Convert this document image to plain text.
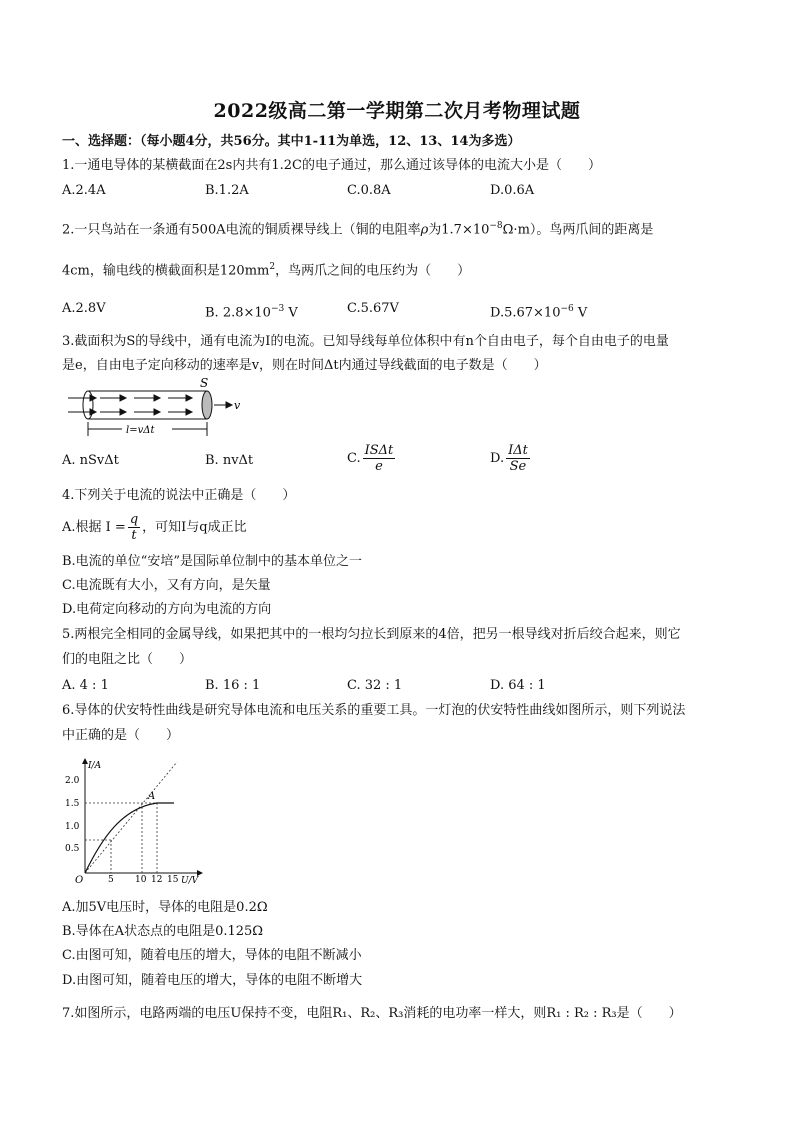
2022级高二第一学期第二次月考物理试题
一、选择题：（每小题4分，共56分。其中1-11为单选，12、13、14为多选）
1.一通电导体的某横截面在2s内共有1.2C的电子通过，那么通过该导体的电流大小是（　　）
A.2.4A	B.1.2A	C.0.8A	D.0.6A
2.一只鸟站在一条通有500A电流的铜质裸导线上（铜的电阻率ρ为$1.7\times 10^{-8}\Omega\cdot m$）。鸟两爪间的距离是
4cm，输电线的横截面积是$120mm^2$，鸟两爪之间的电压约为（　　）
A.2.8V	B. $2.8\times 10^{-3}$ V	C.5.67V	$D.5.67\times 10^{-6}$ V
3.截面积为S的导线中，通有电流为I的电流。已知导线每单位体积中有n个自由电子，每个自由电子的电量
是e，自由电子定向移动的速率是v，则在时间Δt内通过导线截面的电子数是（　　）
S
v
l=vΔt
A. nSvΔt	B. nvΔt	C. $\frac{\text{ISΔt}}{e}$	D. $\frac{\text{IΔt}}{Se}$
4.下列关于电流的说法中正确是（　　）
A.根据 $I = \frac{q}{t}$ ，可知I与q成正比
B.电流的单位“安培”是国际单位制中的基本单位之一
C.电流既有大小，又有方向，是矢量
D.电荷定向移动的方向为电流的方向
5.两根完全相同的金属导线，如果把其中的一根均匀拉长到原来的4倍，把另一根导线对折后绞合起来，则它
们的电阻之比（　　）
A. 4 : 1	B. 16 : 1	C. 32 : 1	D. 64 : 1
6.导体的伏安特性曲线是研究导体电流和电压关系的重要工具。一灯泡的伏安特性曲线如图所示，则下列说法
中正确的是（　　）
I/A
U/V
O
2.0
1.5
1.0
0.5
5 10 12 15
A
A.加5V电压时，导体的电阻是0.2Ω
B.导体在A状态点的电阻是0.125Ω
C.由图可知，随着电压的增大，导体的电阻不断减小
D.由图可知，随着电压的增大，导体的电阻不断增大
7.如图所示，电路两端的电压U保持不变，电阻R₁、R₂、R₃消耗的电功率一样大，则R₁ : R₂ : R₃是（　　）
